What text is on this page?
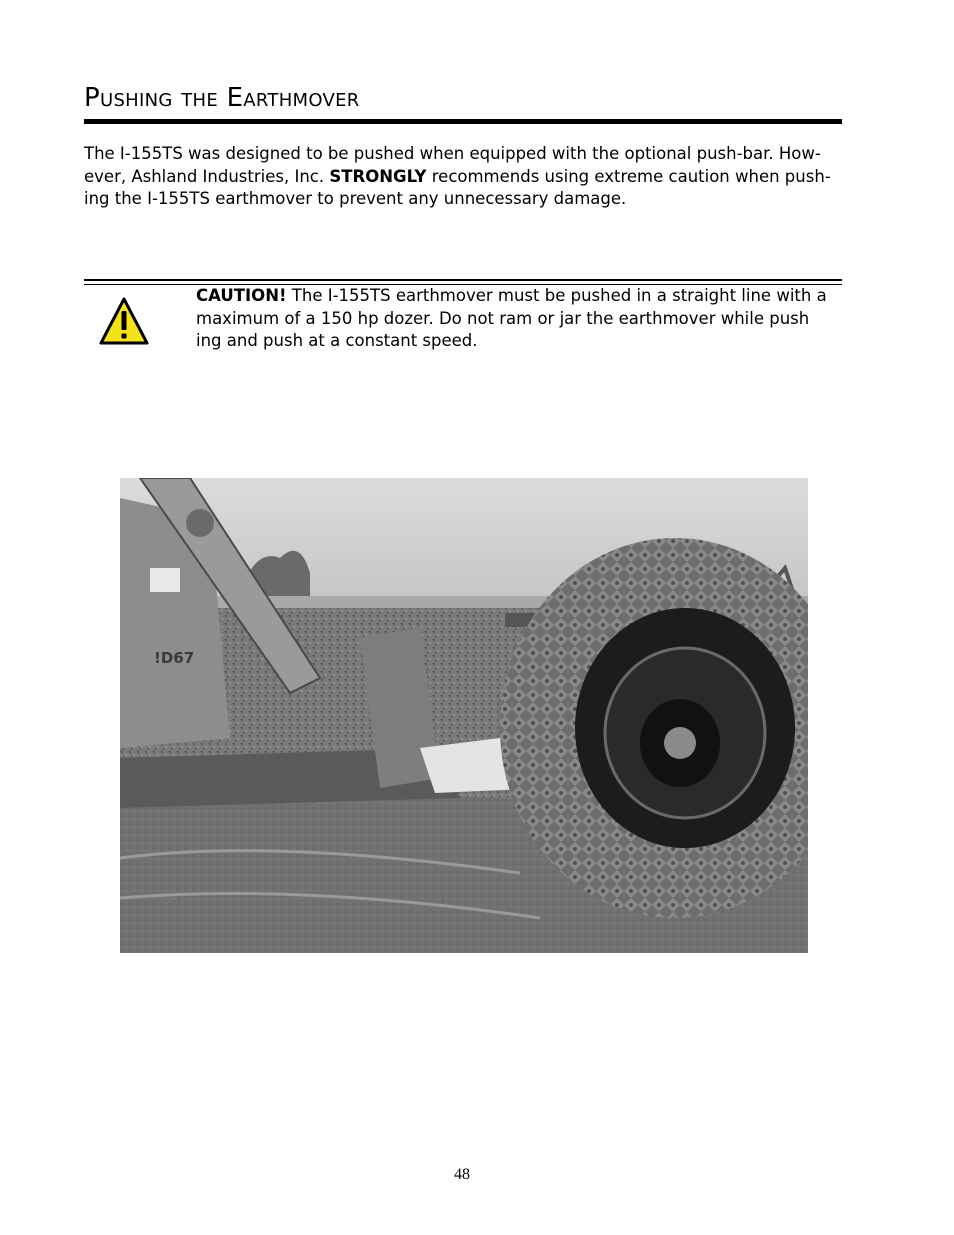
Pushing the Earthmover

The I-155TS was designed to be pushed when equipped with the optional push-bar. How-
ever, Ashland Industries, Inc. STRONGLY recommends using extreme caution when push-
ing the I-155TS earthmover to prevent any unnecessary damage.

CAUTION! The I-155TS earthmover must be pushed in a straight line with a
maximum of a 150 hp dozer. Do not ram or jar the earthmover while push
ing and push at a constant speed.

!D67
48
